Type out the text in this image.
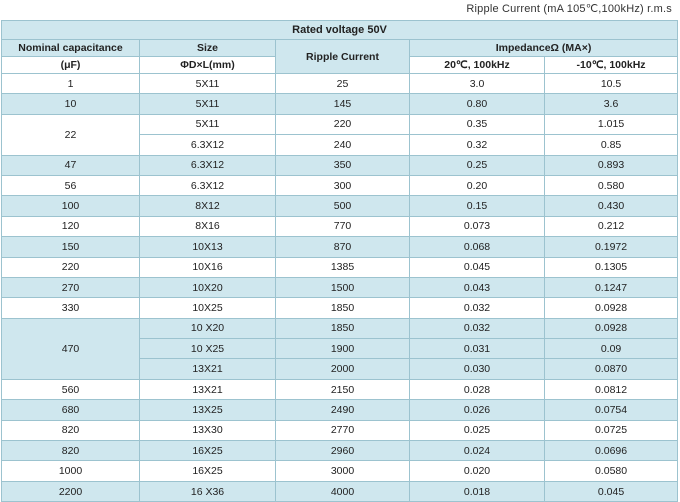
Ripple Current (mA 105℃,100kHz) r.m.s
Rated voltage 50V				
Nominal capacitance	Size	Ripple Current	ImpedanceΩ (MA×)	
(μF)	ΦD×L(mm)		20℃, 100kHz	-10℃, 100kHz
1	5X11	25	3.0	10.5
10	5X11	145	0.80	3.6
22	5X11	220	0.35	1.015
	6.3X12	240	0.32	0.85
47	6.3X12	350	0.25	0.893
56	6.3X12	300	0.20	0.580
100	8X12	500	0.15	0.430
120	8X16	770	0.073	0.212
150	10X13	870	0.068	0.1972
220	10X16	1385	0.045	0.1305
270	10X20	1500	0.043	0.1247
330	10X25	1850	0.032	0.0928
470	10 X20	1850	0.032	0.0928
	10 X25	1900	0.031	0.09
	13X21	2000	0.030	0.0870
560	13X21	2150	0.028	0.0812
680	13X25	2490	0.026	0.0754
820	13X30	2770	0.025	0.0725
820	16X25	2960	0.024	0.0696
1000	16X25	3000	0.020	0.0580
2200	16 X36	4000	0.018	0.045
